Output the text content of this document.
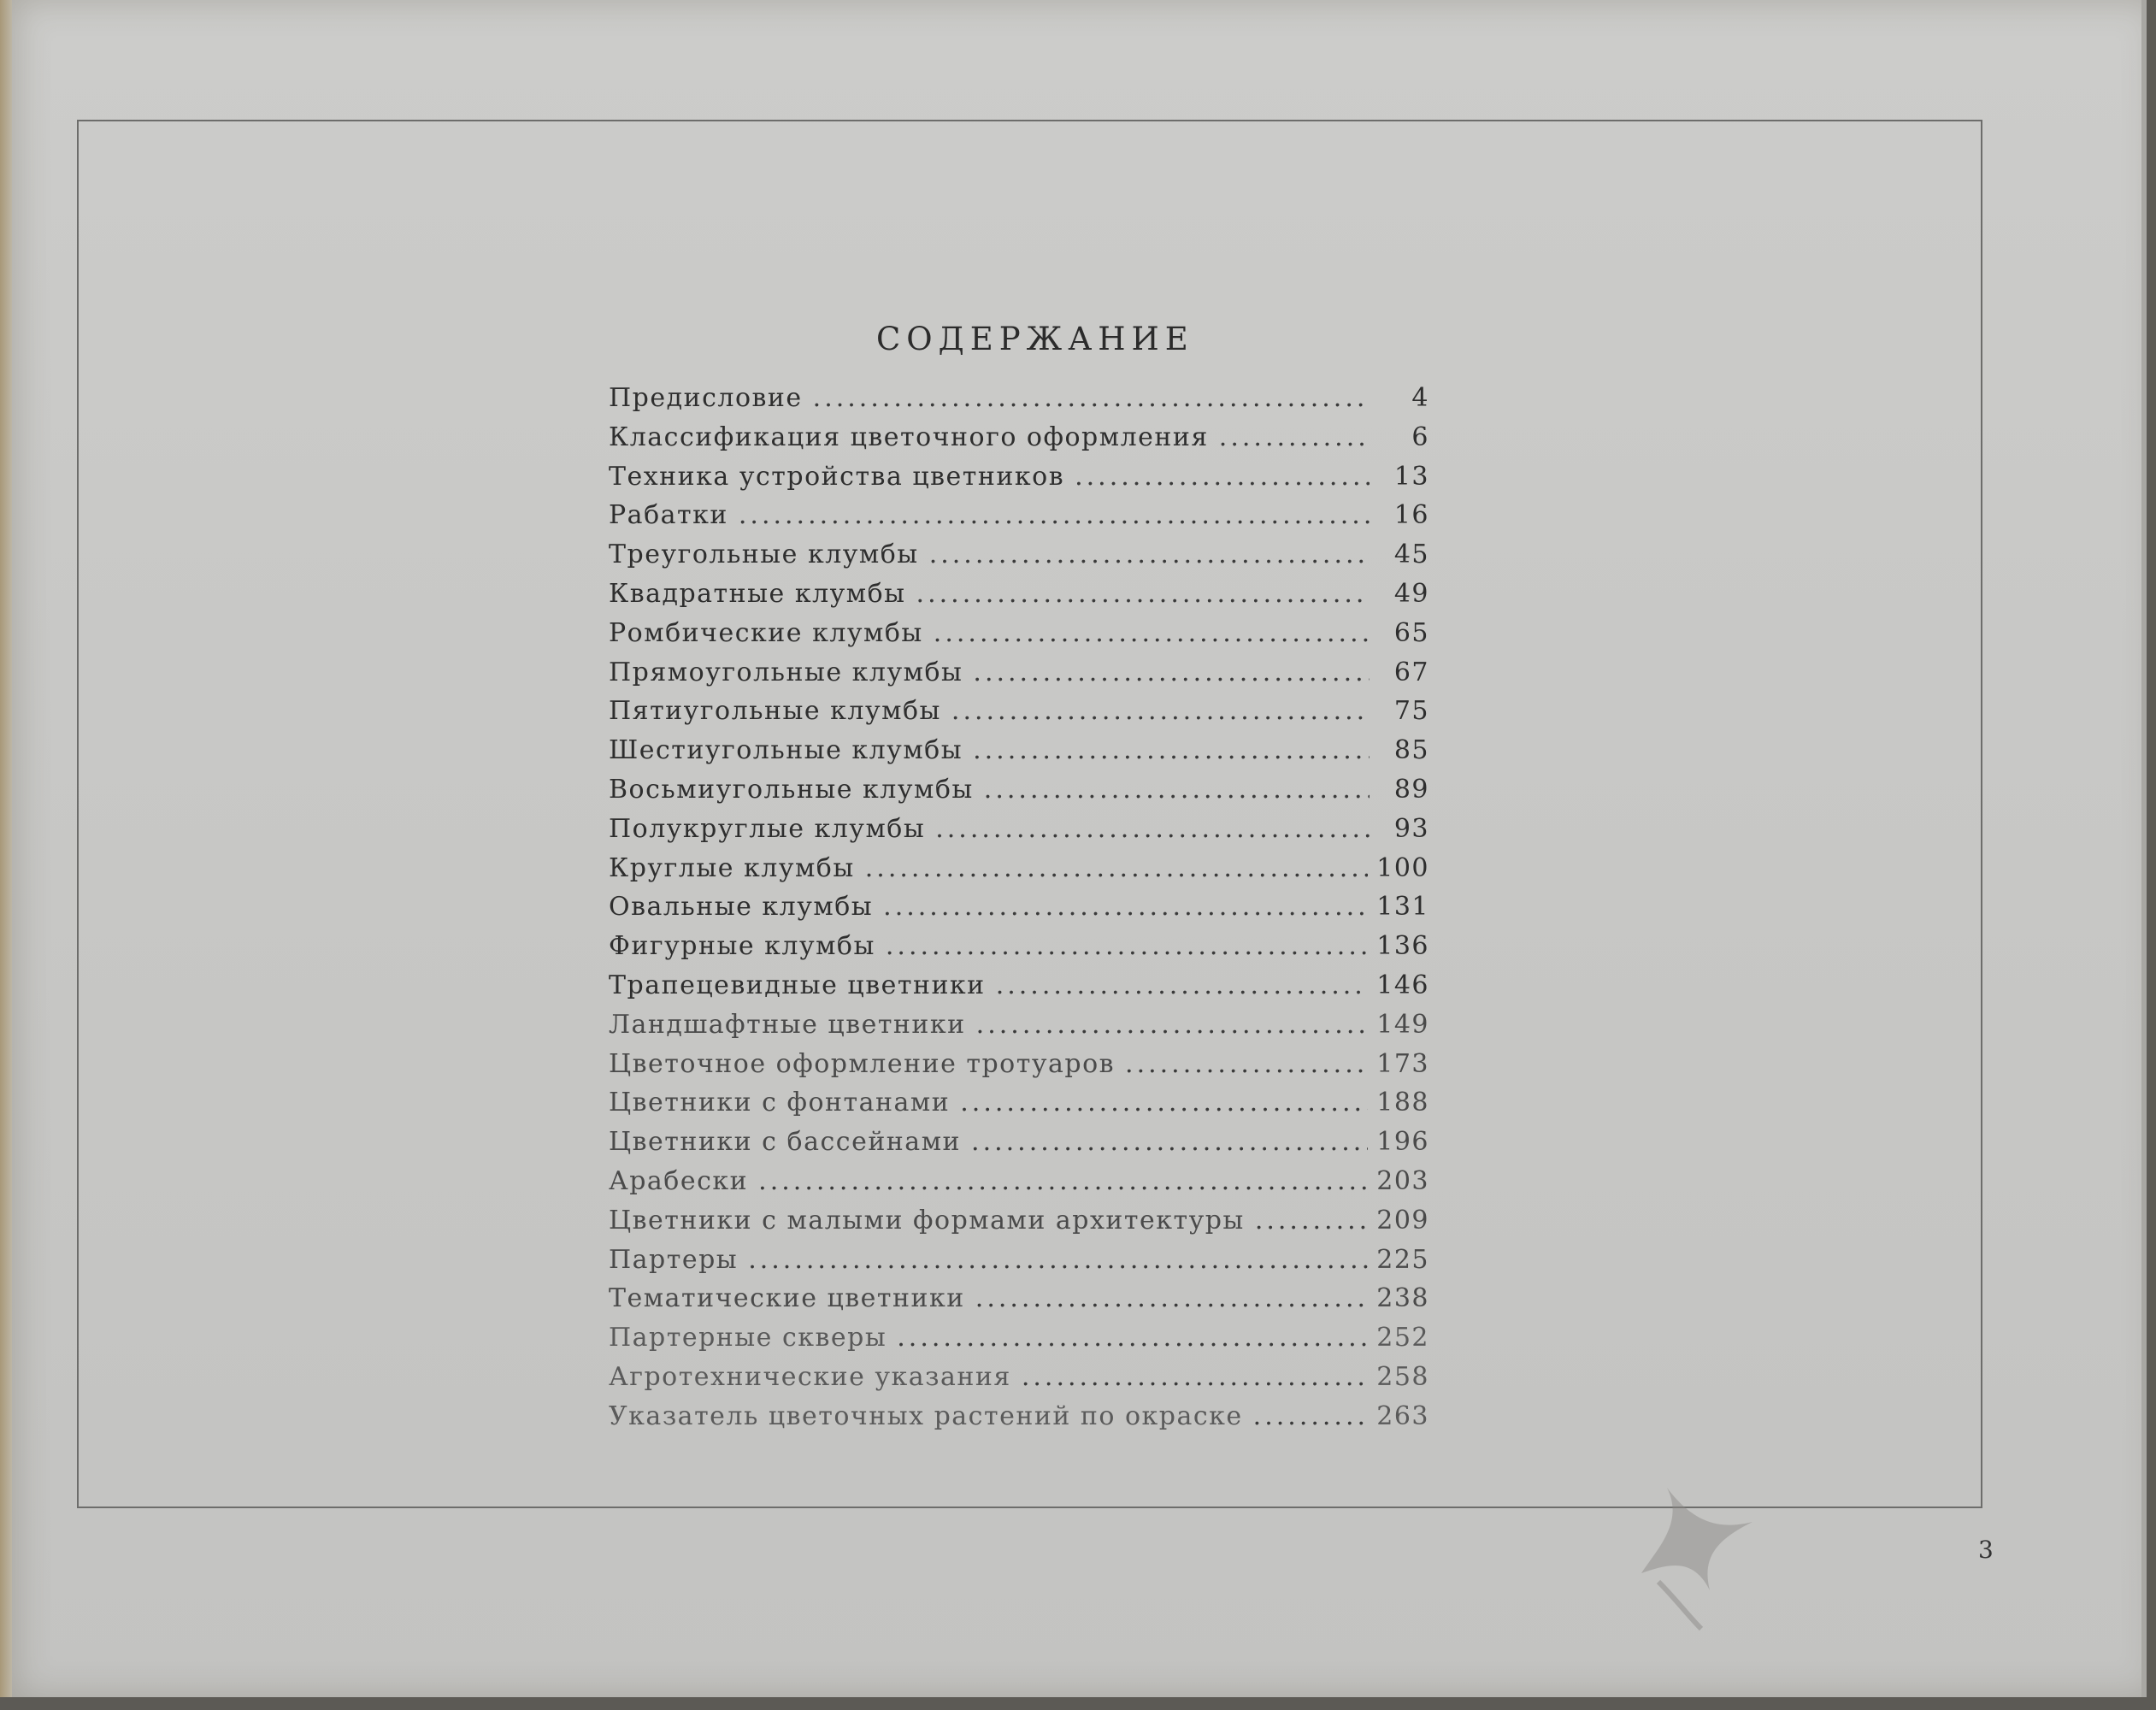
СОДЕРЖАНИЕ
Предисловие .....	4
Классификация цветочного оформления .....	6
Техника устройства цветников .....	13
Рабатки .....	16
Треугольные клумбы .....	45
Квадратные клумбы .....	49
Ромбические клумбы .....	65
Прямоугольные клумбы .....	67
Пятиугольные клумбы .....	75
Шестиугольные клумбы .....	85
Восьмиугольные клумбы .....	89
Полукруглые клумбы .....	93
Круглые клумбы .....	100
Овальные клумбы .....	131
Фигурные клумбы .....	136
Трапецевидные цветники .....	146
Ландшафтные цветники .....	149
Цветочное оформление тротуаров .....	173
Цветники с фонтанами .....	188
Цветники с бассейнами .....	196
Арабески .....	203
Цветники с малыми формами архитектуры .....	209
Партеры .....	225
Тематические цветники .....	238
Партерные скверы .....	252
Агротехнические указания .....	258
Указатель цветочных растений по окраске .....	263
3
